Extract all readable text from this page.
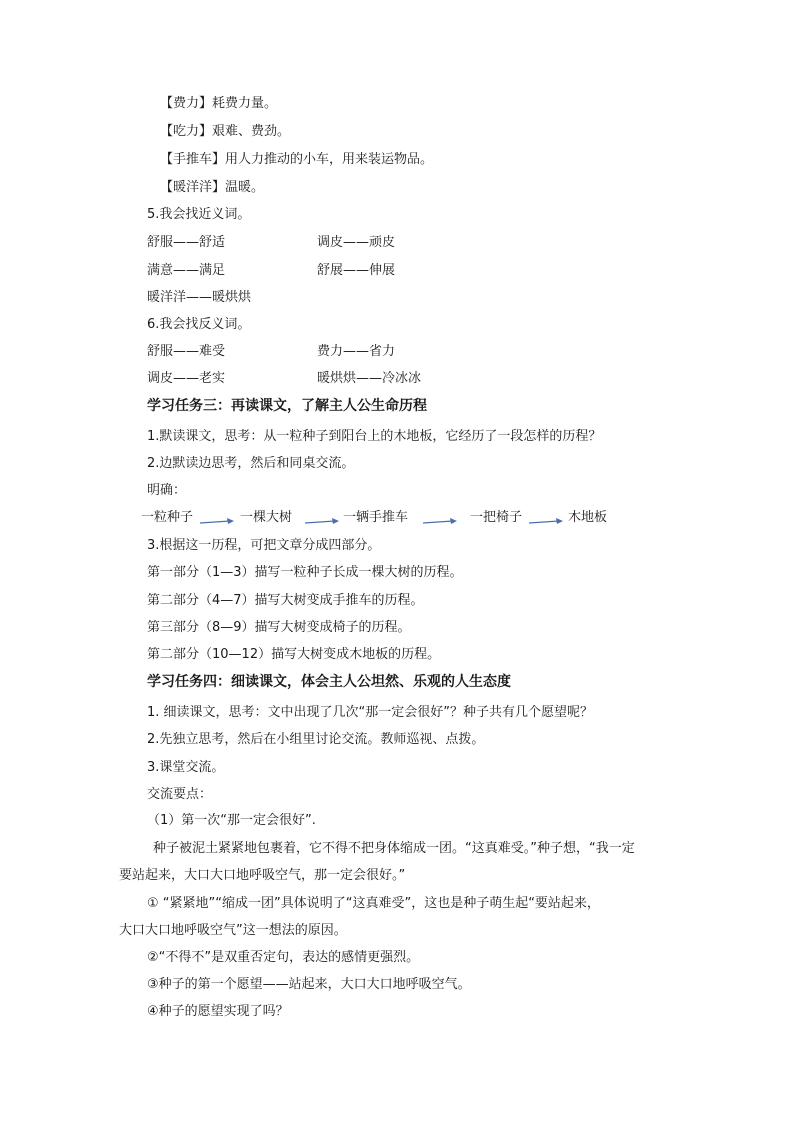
【费力】耗费力量。
【吃力】艰难、费劲。
【手推车】用人力推动的小车，用来装运物品。
【暖洋洋】温暖。
5.我会找近义词。
舒服——舒适	调皮——顽皮
满意——满足	舒展——伸展
暖洋洋——暖烘烘
6.我会找反义词。
舒服——难受	费力——省力
调皮——老实	暖烘烘——冷冰冰
学习任务三：再读课文，了解主人公生命历程
1.默读课文，思考：从一粒种子到阳台上的木地板，它经历了一段怎样的历程？
2.边默读边思考，然后和同桌交流。
明确：
一粒种子	一棵大树	一辆手推车	一把椅子	木地板
3.根据这一历程，可把文章分成四部分。
第一部分（1—3）描写一粒种子长成一棵大树的历程。
第二部分（4—7）描写大树变成手推车的历程。
第三部分（8—9）描写大树变成椅子的历程。
第二部分（10—12）描写大树变成木地板的历程。
学习任务四：细读课文，体会主人公坦然、乐观的人生态度
1. 细读课文，思考：文中出现了几次“那一定会很好”？种子共有几个愿望呢？
2.先独立思考，然后在小组里讨论交流。教师巡视、点拨。
3.课堂交流。
交流要点：
（1）第一次“那一定会很好”.
种子被泥土紧紧地包裹着，它不得不把身体缩成一团。“这真难受。”种子想，“我一定
要站起来，大口大口地呼吸空气，那一定会很好。”
① “紧紧地”“缩成一团”具体说明了“这真难受”，这也是种子萌生起“要站起来，
大口大口地呼吸空气”这一想法的原因。
②“不得不”是双重否定句，表达的感情更强烈。
③种子的第一个愿望——站起来，大口大口地呼吸空气。
④种子的愿望实现了吗？
